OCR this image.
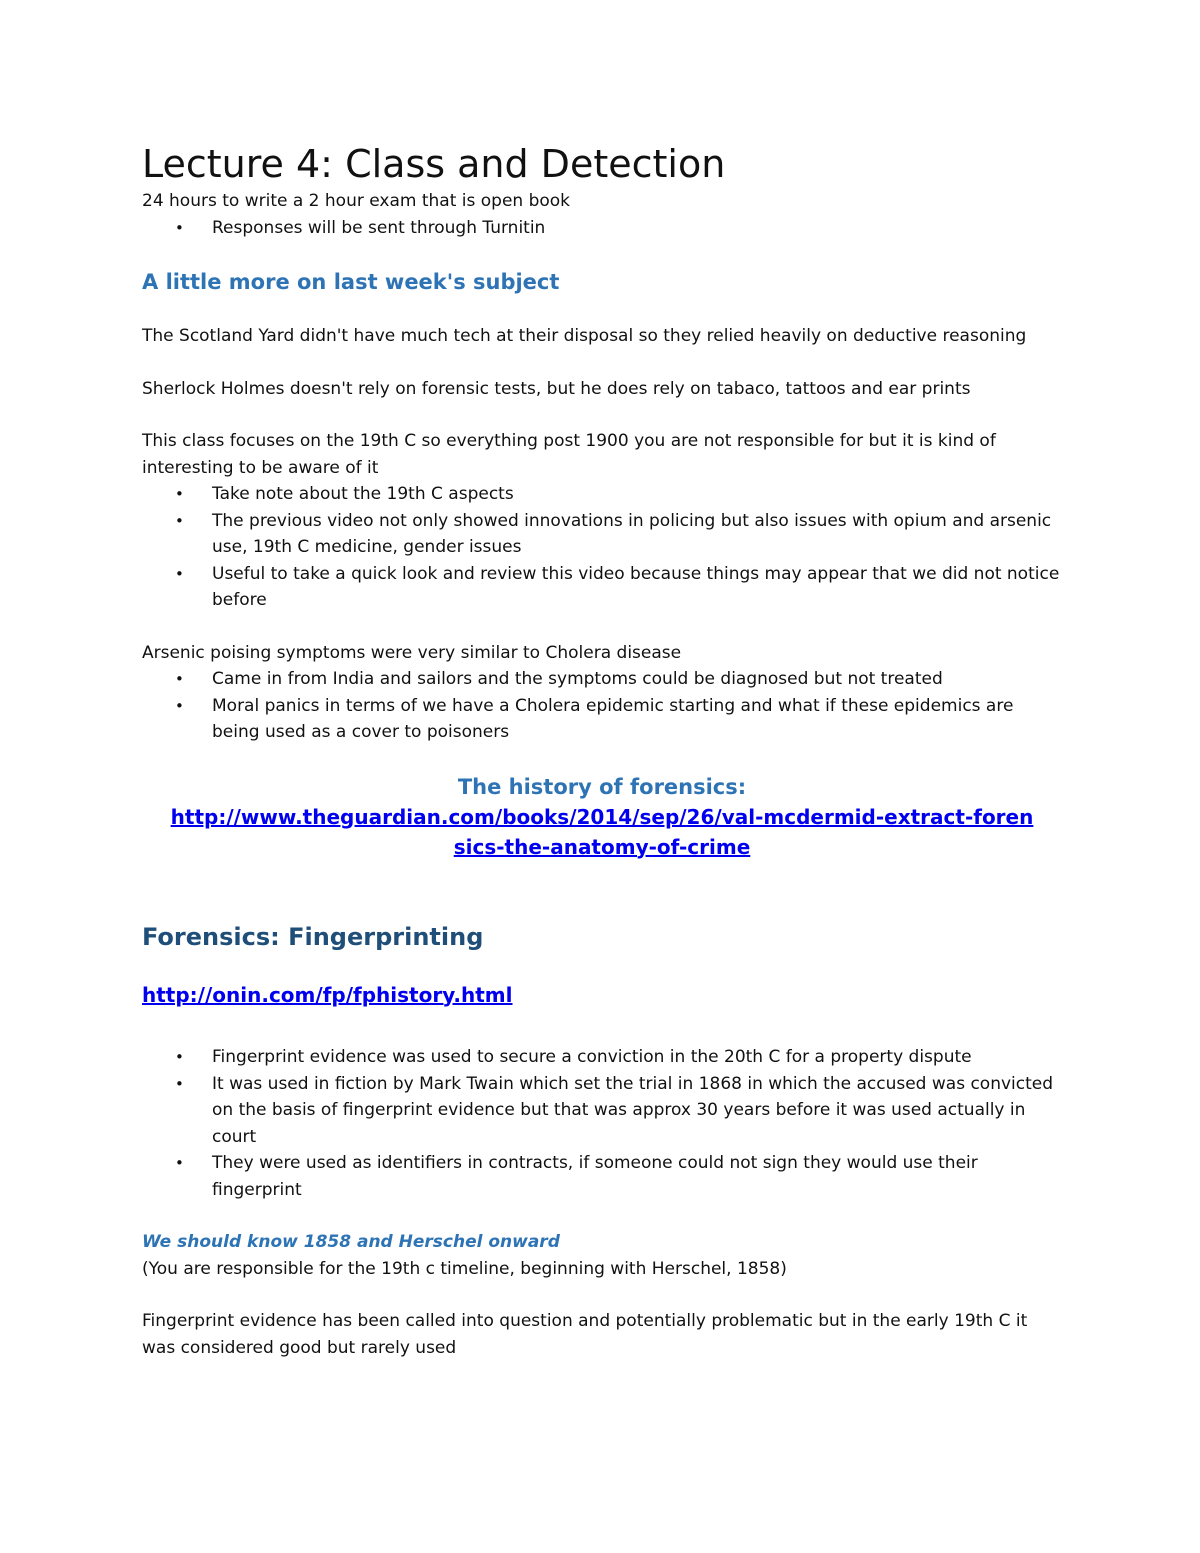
Lecture 4: Class and Detection

24 hours to write a 2 hour exam that is open book

• Responses will be sent through Turnitin
A little more on last week's subject

The Scotland Yard didn't have much tech at their disposal so they relied heavily on deductive reasoning

Sherlock Holmes doesn't rely on forensic tests, but he does rely on tabaco, tattoos and ear prints

This class focuses on the 19th C so everything post 1900 you are not responsible for but it is kind of interesting to be aware of it

• Take note about the 19th C aspects
• The previous video not only showed innovations in policing but also issues with opium and arsenic use, 19th C medicine, gender issues
• Useful to take a quick look and review this video because things may appear that we did not notice before

Arsenic poising symptoms were very similar to Cholera disease

• Came in from India and sailors and the symptoms could be diagnosed but not treated
• Moral panics in terms of we have a Cholera epidemic starting and what if these epidemics are being used as a cover to poisoners
The history of forensics:
http://www.theguardian.com/books/2014/sep/26/val-mcdermid-extract-forensics-the-anatomy-of-crime
Forensics: Fingerprinting

http://onin.com/fp/fphistory.html

• Fingerprint evidence was used to secure a conviction in the 20th C for a property dispute
• It was used in fiction by Mark Twain which set the trial in 1868 in which the accused was convicted on the basis of fingerprint evidence but that was approx 30 years before it was used actually in court
• They were used as identifiers in contracts, if someone could not sign they would use their fingerprint
We should know 1858 and Herschel onward

(You are responsible for the 19th c timeline, beginning with Herschel, 1858)

Fingerprint evidence has been called into question and potentially problematic but in the early 19th C it was considered good but rarely used
